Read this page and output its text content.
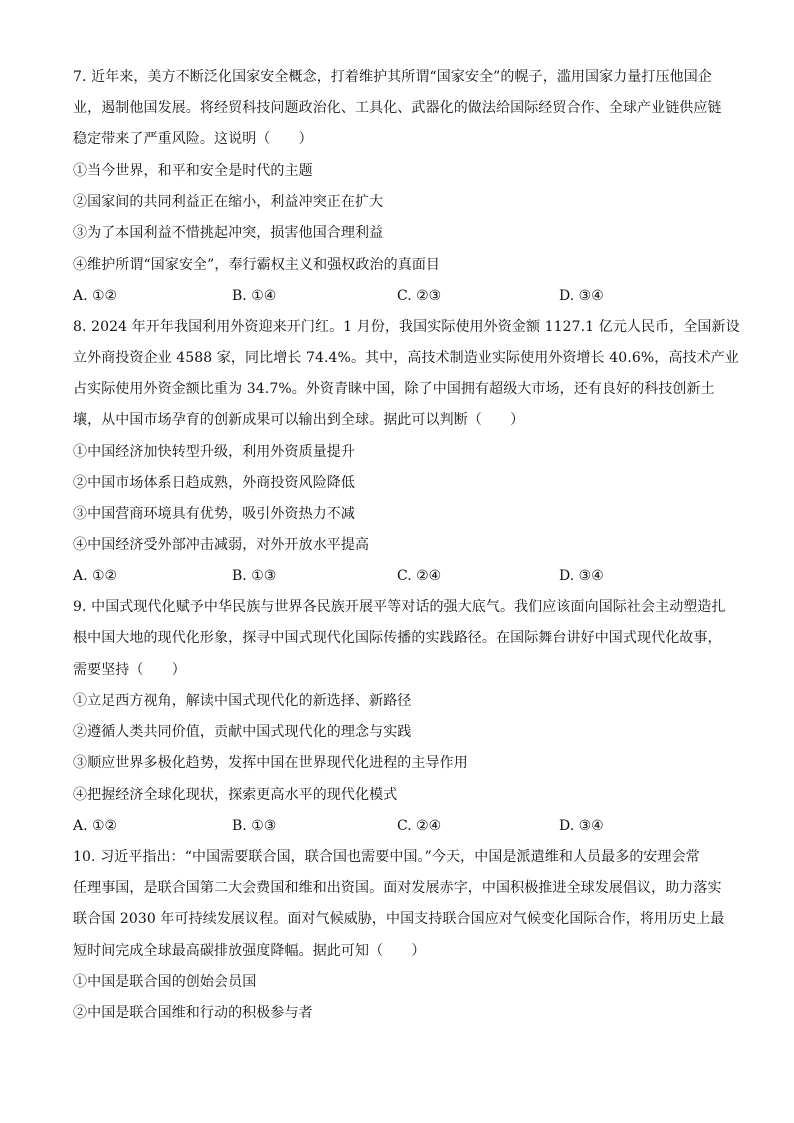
7. 近年来，美方不断泛化国家安全概念，打着维护其所谓“国家安全”的幌子，滥用国家力量打压他国企
业，遏制他国发展。将经贸科技问题政治化、工具化、武器化的做法给国际经贸合作、全球产业链供应链
稳定带来了严重风险。这说明（　　）
①当今世界，和平和安全是时代的主题
②国家间的共同利益正在缩小，利益冲突正在扩大
③为了本国利益不惜挑起冲突，损害他国合理利益
④维护所谓“国家安全”，奉行霸权主义和强权政治的真面目
A. ①②	B. ①④	C. ②③	D. ③④
8. 2024 年开年我国利用外资迎来开门红。1 月份，我国实际使用外资金额 1127.1 亿元人民币，全国新设
立外商投资企业 4588 家，同比增长 74.4%。其中，高技术制造业实际使用外资增长 40.6%，高技术产业
占实际使用外资金额比重为 34.7%。外资青睐中国，除了中国拥有超级大市场，还有良好的科技创新土
壤，从中国市场孕育的创新成果可以输出到全球。据此可以判断（　　）
①中国经济加快转型升级，利用外资质量提升
②中国市场体系日趋成熟，外商投资风险降低
③中国营商环境具有优势，吸引外资热力不减
④中国经济受外部冲击减弱，对外开放水平提高
A. ①②	B. ①③	C. ②④	D. ③④
9. 中国式现代化赋予中华民族与世界各民族开展平等对话的强大底气。我们应该面向国际社会主动塑造扎
根中国大地的现代化形象，探寻中国式现代化国际传播的实践路径。在国际舞台讲好中国式现代化故事，
需要坚持（　　）
①立足西方视角，解读中国式现代化的新选择、新路径
②遵循人类共同价值，贡献中国式现代化的理念与实践
③顺应世界多极化趋势，发挥中国在世界现代化进程的主导作用
④把握经济全球化现状，探索更高水平的现代化模式
A. ①②	B. ①③	C. ②④	D. ③④
10. 习近平指出：“中国需要联合国，联合国也需要中国。”今天，中国是派遣维和人员最多的安理会常
任理事国，是联合国第二大会费国和维和出资国。面对发展赤字，中国积极推进全球发展倡议，助力落实
联合国 2030 年可持续发展议程。面对气候威胁，中国支持联合国应对气候变化国际合作，将用历史上最
短时间完成全球最高碳排放强度降幅。据此可知（　　）
①中国是联合国的创始会员国
②中国是联合国维和行动的积极参与者
